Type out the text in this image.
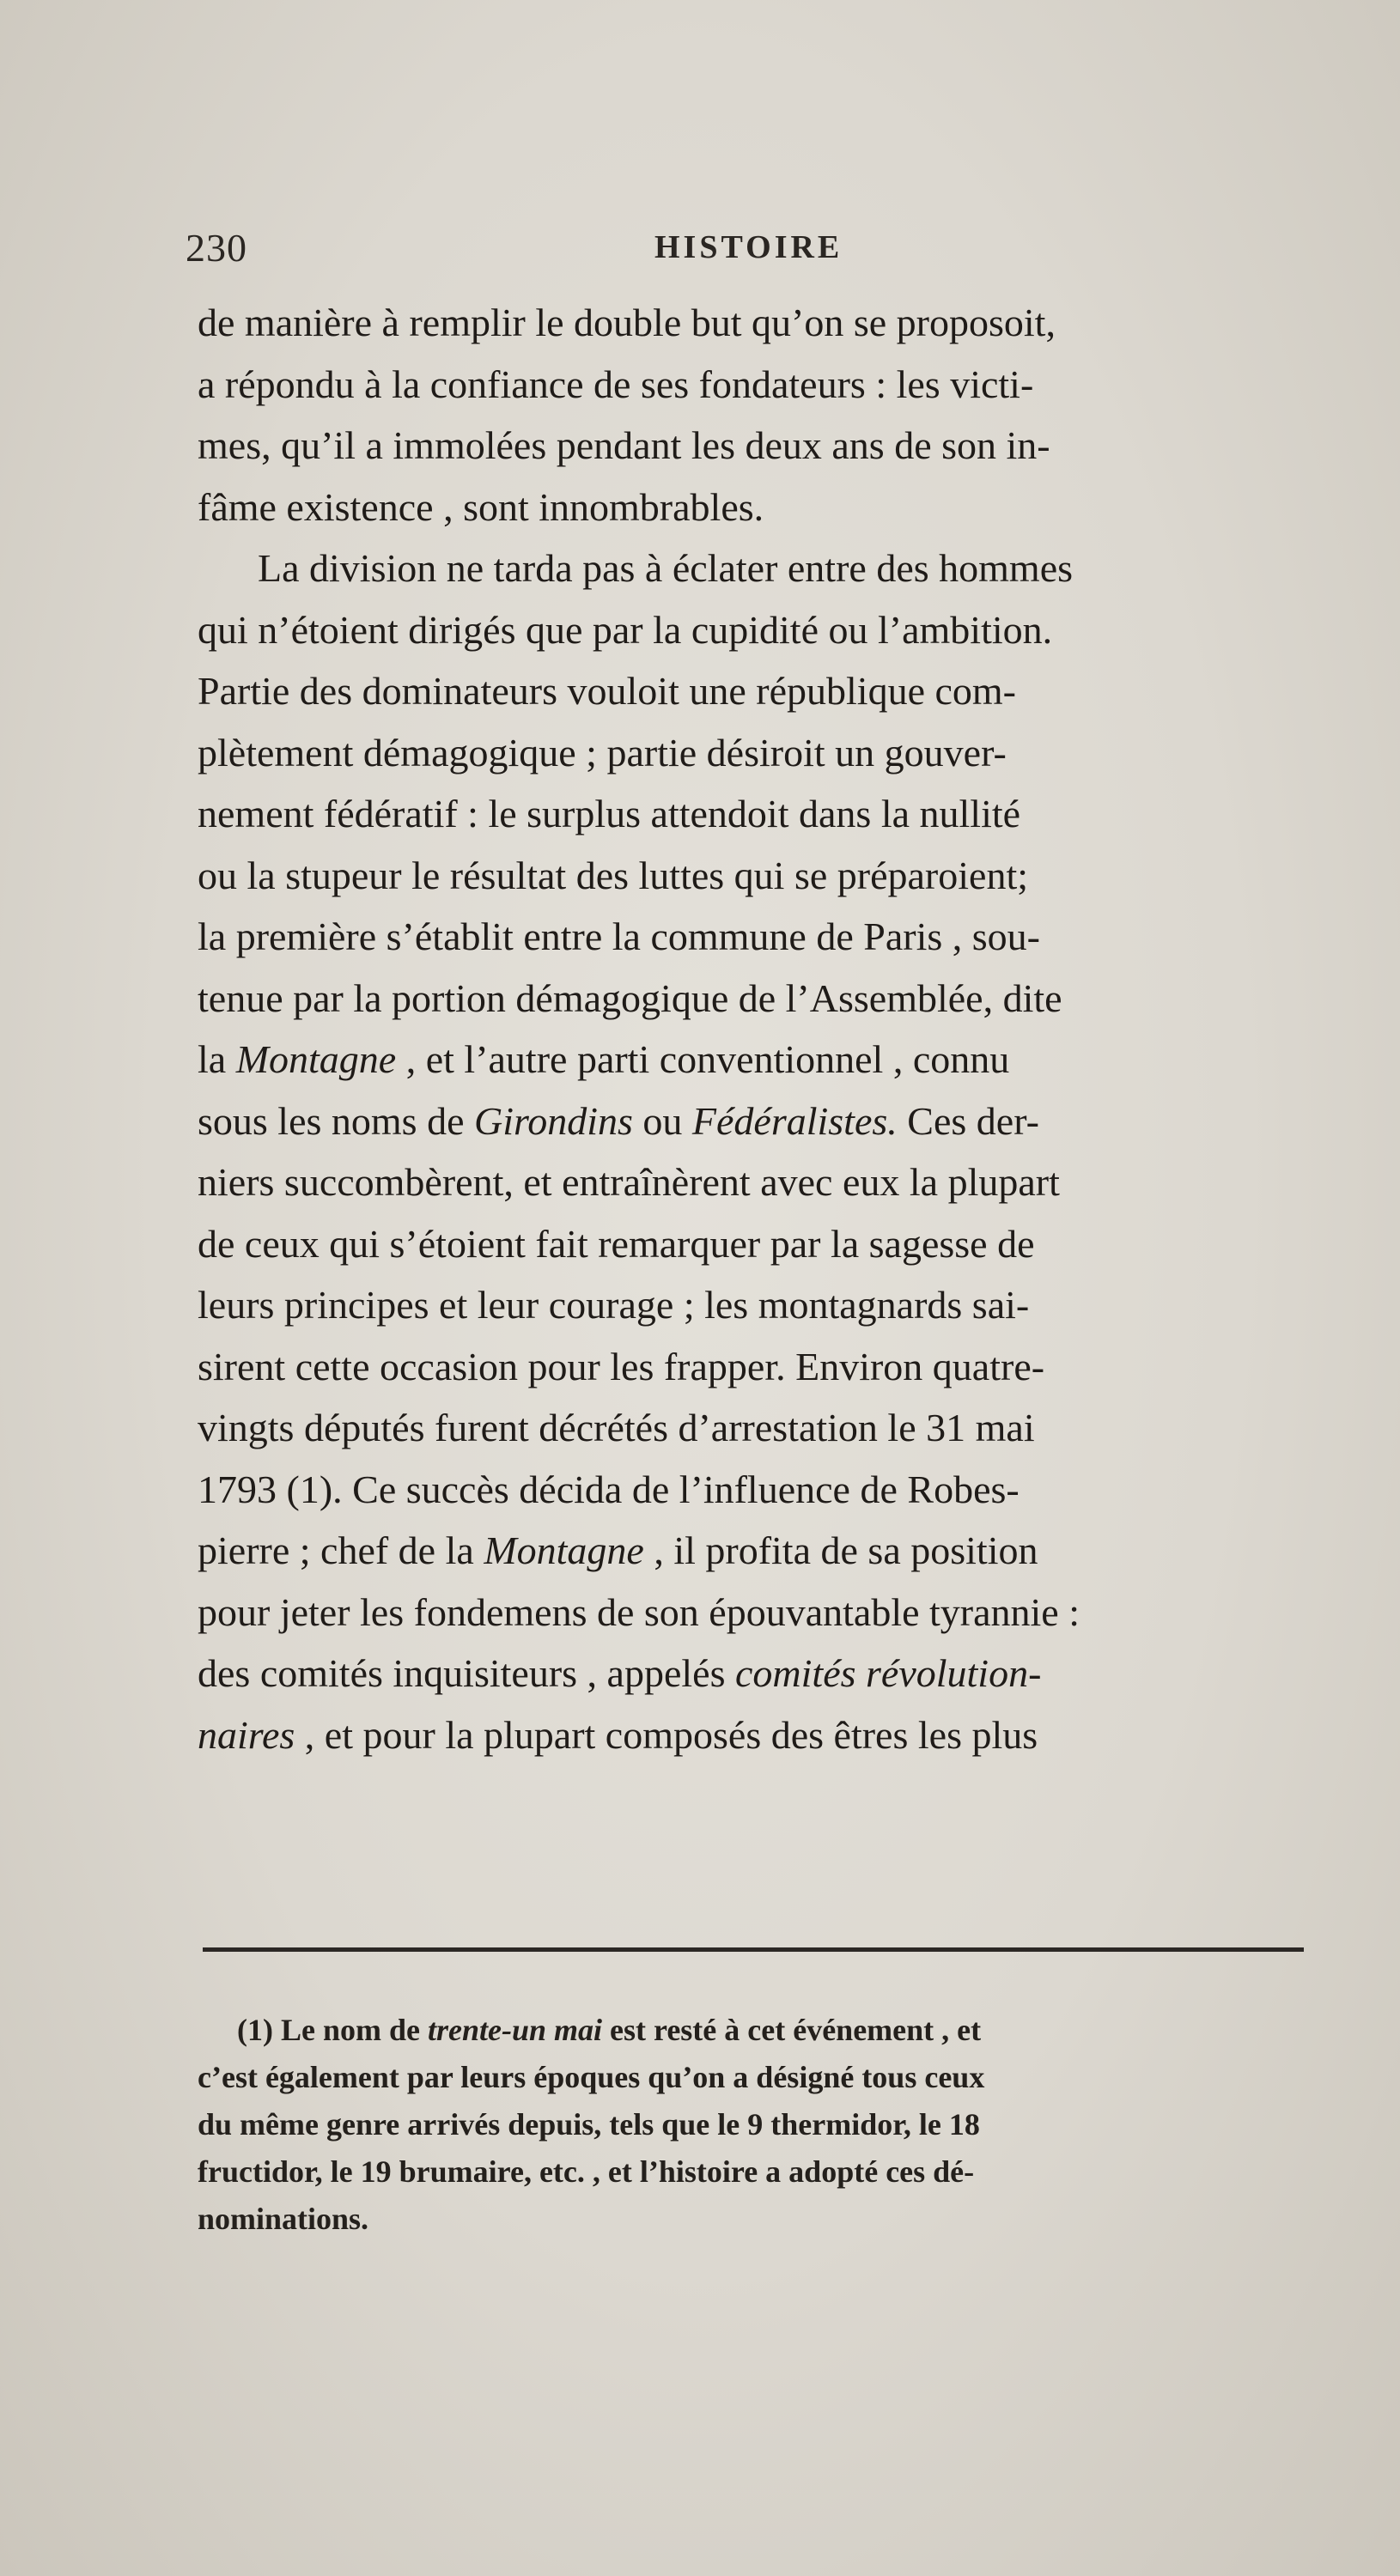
230	HISTOIRE
de manière à remplir le double but qu’on se proposoit,
a répondu à la confiance de ses fondateurs : les victi-
mes, qu’il a immolées pendant les deux ans de son in-
fâme existence , sont innombrables.
La division ne tarda pas à éclater entre des hommes
qui n’étoient dirigés que par la cupidité ou l’ambition.
Partie des dominateurs vouloit une république com-
plètement démagogique ; partie désiroit un gouver-
nement fédératif : le surplus attendoit dans la nullité
ou la stupeur le résultat des luttes qui se préparoient;
la première s’établit entre la commune de Paris , sou-
tenue par la portion démagogique de l’Assemblée, dite
la Montagne , et l’autre parti conventionnel , connu
sous les noms de Girondins ou Fédéralistes. Ces der-
niers succombèrent, et entraînèrent avec eux la plupart
de ceux qui s’étoient fait remarquer par la sagesse de
leurs principes et leur courage ; les montagnards sai-
sirent cette occasion pour les frapper. Environ quatre-
vingts députés furent décrétés d’arrestation le 31 mai
1793 (1). Ce succès décida de l’influence de Robes-
pierre ; chef de la Montagne , il profita de sa position
pour jeter les fondemens de son épouvantable tyrannie :
des comités inquisiteurs , appelés comités révolution-
naires , et pour la plupart composés des êtres les plus
(1) Le nom de trente-un mai est resté à cet événement , et
c’est également par leurs époques qu’on a désigné tous ceux
du même genre arrivés depuis, tels que le 9 thermidor, le 18
fructidor, le 19 brumaire, etc. , et l’histoire a adopté ces dé-
nominations.
